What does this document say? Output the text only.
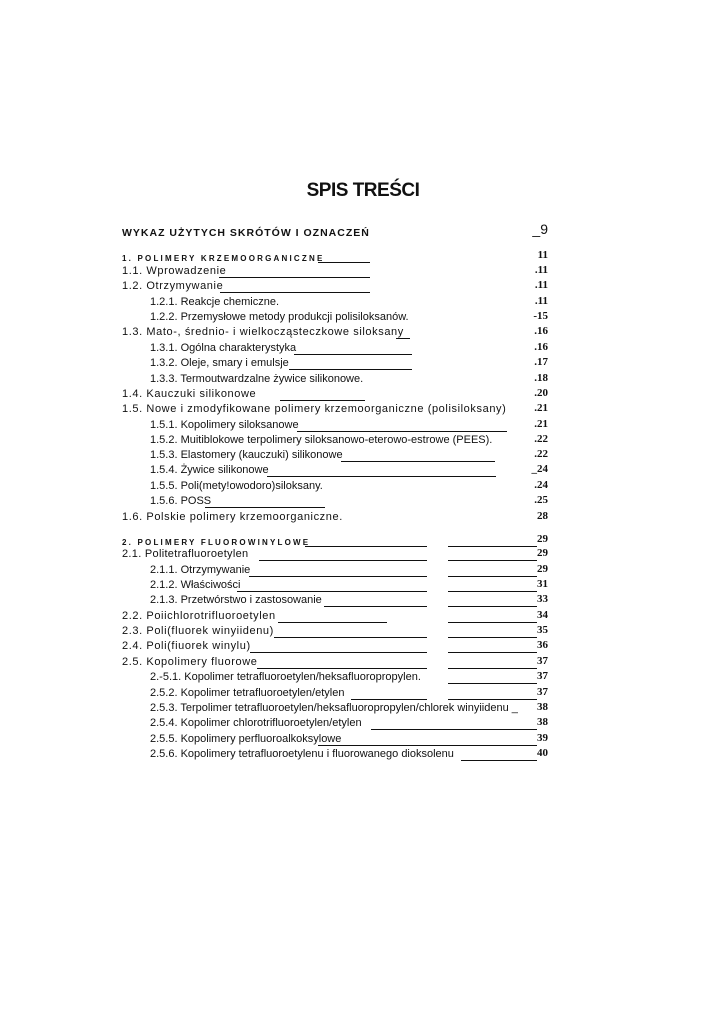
SPIS TREŚCI
WYKAZ UŻYTYCH SKRÓTÓW I OZNACZEŃ	_9
1. POLIMERY KRZEMOORGANICZNE	11
1.1. Wprowadzenie	.11
1.2. Otrzymywanie	.11
1.2.1. Reakcje chemiczne.	.11
1.2.2. Przemysłowe metody produkcji polisiloksanów.	-15
1.3. Mato-, średnio- i wielkocząsteczkowe siloksany	.16
1.3.1. Ogólna charakterystyka	.16
1.3.2. Oleje, smary i emulsje	.17
1.3.3. Termoutwardzalne żywice silikonowe.	.18
1.4. Kauczuki silikonowe	.20
1.5. Nowe i zmodyfikowane polimery krzemoorganiczne (polisiloksany)	.21
1.5.1. Kopolimery siloksanowe	.21
1.5.2. Muitiblokowe terpolimery siloksanowo-eterowo-estrowe (PEES).	.22
1.5.3. Elastomery (kauczuki) silikonowe	.22
1.5.4. Żywice silikonowe	_24
1.5.5. Poli(mety!owodoro)siloksany.	.24
1.5.6. POSS	.25
1.6. Polskie polimery krzemoorganiczne.	28
2. POLIMERY FLUOROWINYLOWE	29
2.1. Politetrafluoroetylen	29
2.1.1. Otrzymywanie	29
2.1.2. Właściwości	31
2.1.3. Przetwórstwo i zastosowanie	33
2.2. Poiichlorotrifluoroetylen	34
2.3. Poli(fluorek winyiidenu)	35
2.4. Poli(fiuorek winylu)	36
2.5. Kopolimery fluorowe	37
2.-5.1. Kopolimer tetrafluoroetylen/heksafluoropropylen.	37
2.5.2. Kopolimer tetrafluoroetylen/etylen	37
2.5.3. Terpolimer tetrafluoroetylen/heksafluoropropylen/chlorek winyiidenu _ 38
2.5.4. Kopolimer chlorotrifluoroetylen/etylen	38
2.5.5. Kopolimery perfluoroalkoksylowe	39
2.5.6. Kopolimery tetrafluoroetylenu i fluorowanego dioksolenu	40
